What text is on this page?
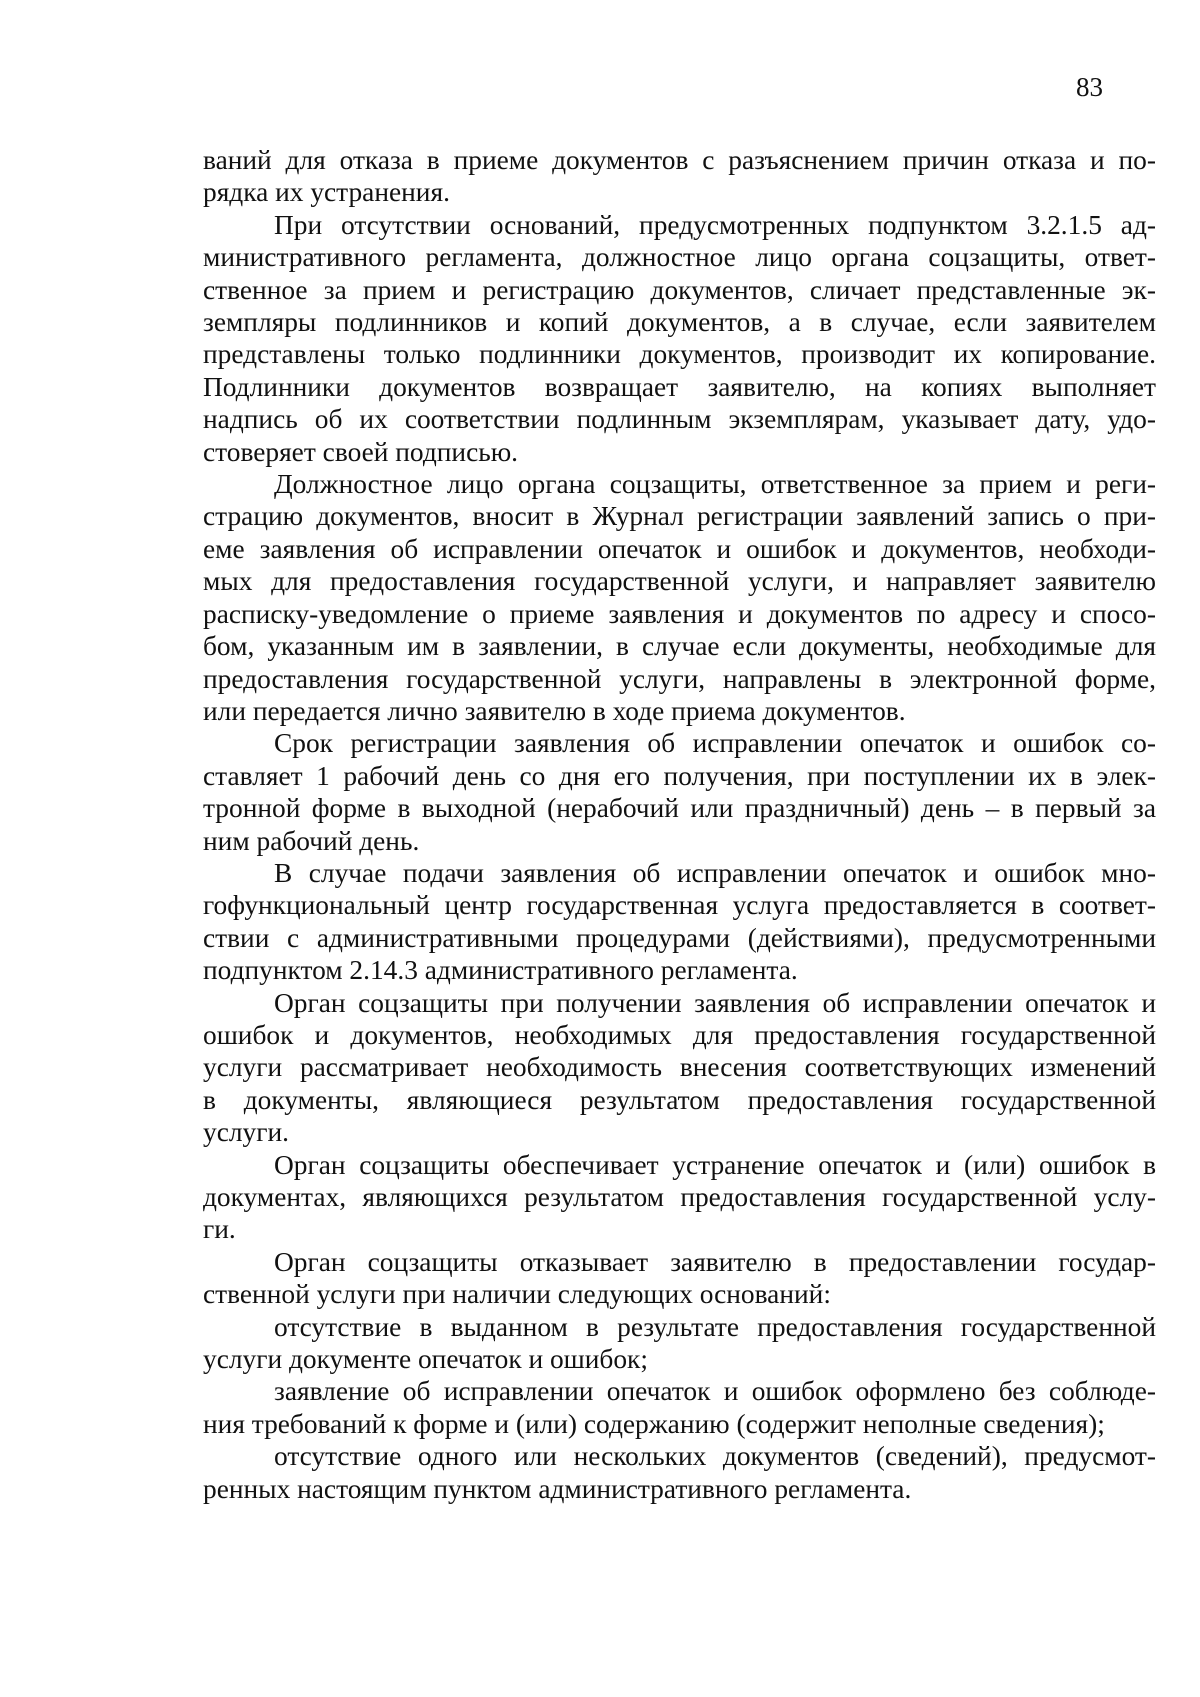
83
ваний для отказа в приеме документов с разъяснением причин отказа и по-
рядка их устранения.
При отсутствии оснований, предусмотренных подпунктом 3.2.1.5 ад-
министративного регламента, должностное лицо органа соцзащиты, ответ-
ственное за прием и регистрацию документов, сличает представленные эк-
земпляры подлинников и копий документов, а в случае, если заявителем
представлены только подлинники документов, производит их копирование.
Подлинники документов возвращает заявителю, на копиях выполняет
надпись об их соответствии подлинным экземплярам, указывает дату, удо-
стоверяет своей подписью.
Должностное лицо органа соцзащиты, ответственное за прием и реги-
страцию документов, вносит в Журнал регистрации заявлений запись о при-
еме заявления об исправлении опечаток и ошибок и документов, необходи-
мых для предоставления государственной услуги, и направляет заявителю
расписку-уведомление о приеме заявления и документов по адресу и спосо-
бом, указанным им в заявлении, в случае если документы, необходимые для
предоставления государственной услуги, направлены в электронной форме,
или передается лично заявителю в ходе приема документов.
Срок регистрации заявления об исправлении опечаток и ошибок со-
ставляет 1 рабочий день со дня его получения, при поступлении их в элек-
тронной форме в выходной (нерабочий или праздничный) день – в первый за
ним рабочий день.
В случае подачи заявления об исправлении опечаток и ошибок мно-
гофункциональный центр государственная услуга предоставляется в соответ-
ствии с административными процедурами (действиями), предусмотренными
подпунктом 2.14.3 административного регламента.
Орган соцзащиты при получении заявления об исправлении опечаток и
ошибок и документов, необходимых для предоставления государственной
услуги рассматривает необходимость внесения соответствующих изменений
в документы, являющиеся результатом предоставления государственной
услуги.
Орган соцзащиты обеспечивает устранение опечаток и (или) ошибок в
документах, являющихся результатом предоставления государственной услу-
ги.
Орган соцзащиты отказывает заявителю в предоставлении государ-
ственной услуги при наличии следующих оснований:
отсутствие в выданном в результате предоставления государственной
услуги документе опечаток и ошибок;
заявление об исправлении опечаток и ошибок оформлено без соблюде-
ния требований к форме и (или) содержанию (содержит неполные сведения);
отсутствие одного или нескольких документов (сведений), предусмот-
ренных настоящим пунктом административного регламента.
